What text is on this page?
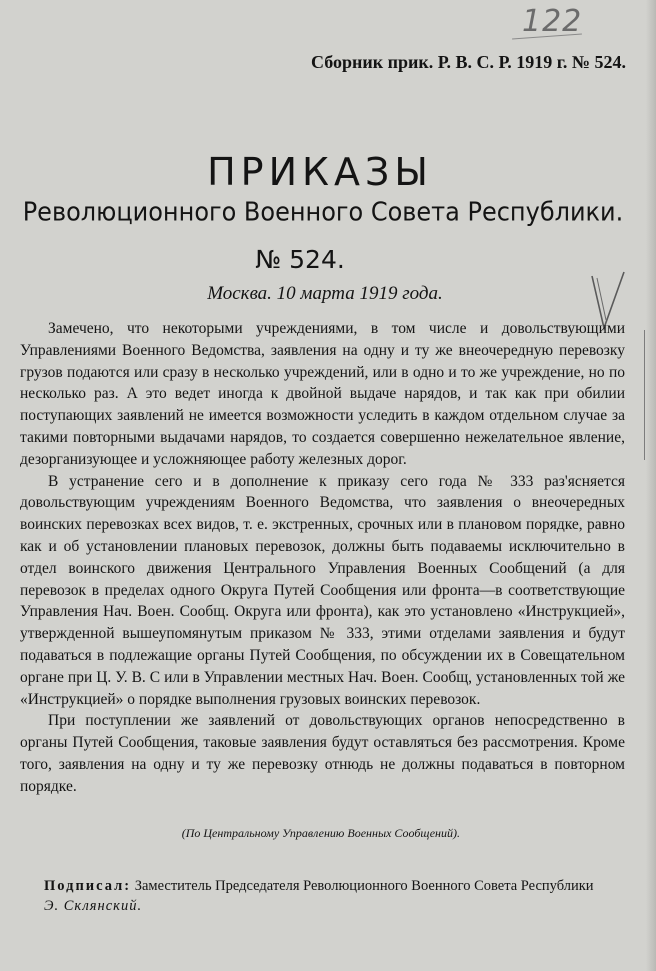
122
Сборник прик. Р. В. С. Р. 1919 г. № 524.
ПРИКАЗЫ
Революционного Военного Совета Республики.
№ 524.
Москва. 10 марта 1919 года.

Замечено, что некоторыми учреждениями, в том числе и довольствующими Управлениями Военного Ведомства, заявления на одну и ту же внеочередную перевозку грузов подаются или сразу в несколько учреждений, или в одно и то же учреждение, но по несколько раз. А это ведет иногда к двойной выдаче нарядов, и так как при обилии поступающих заявлений не имеется возможности уследить в каждом отдельном случае за такими повторными выдачами нарядов, то создается совершенно нежелательное явление, дезорганизующее и усложняющее работу железных дорог.

В устранение сего и в дополнение к приказу сего года № 333 раз'ясняется довольствующим учреждениям Военного Ведомства, что заявления о внеочередных воинских перевозках всех видов, т. е. экстренных, срочных или в плановом порядке, равно как и об установлении плановых перевозок, должны быть подаваемы исключительно в отдел воинского движения Центрального Управления Военных Сообщений (а для перевозок в пределах одного Округа Путей Сообщения или фронта—в соответствующие Управления Нач. Воен. Сообщ. Округа или фронта), как это установлено «Инструкцией», утвержденной вышеупомянутым приказом № 333, этими отделами заявления и будут подаваться в подлежащие органы Путей Сообщения, по обсуждении их в Совещательном органе при Ц. У. В. С или в Управлении местных Нач. Воен. Сообщ, установленных той же «Инструкцией» о порядке выполнения грузовых воинских перевозок.

При поступлении же заявлений от довольствующих органов непосредственно в органы Путей Сообщения, таковые заявления будут оставляться без рассмотрения. Кроме того, заявления на одну и ту же перевозку отнюдь не должны подаваться в повторном порядке.

(По Центральному Управлению Военных Сообщений).
Подписал: Заместитель Председателя Революционного Военного Совета Республики
Э. Склянский.
